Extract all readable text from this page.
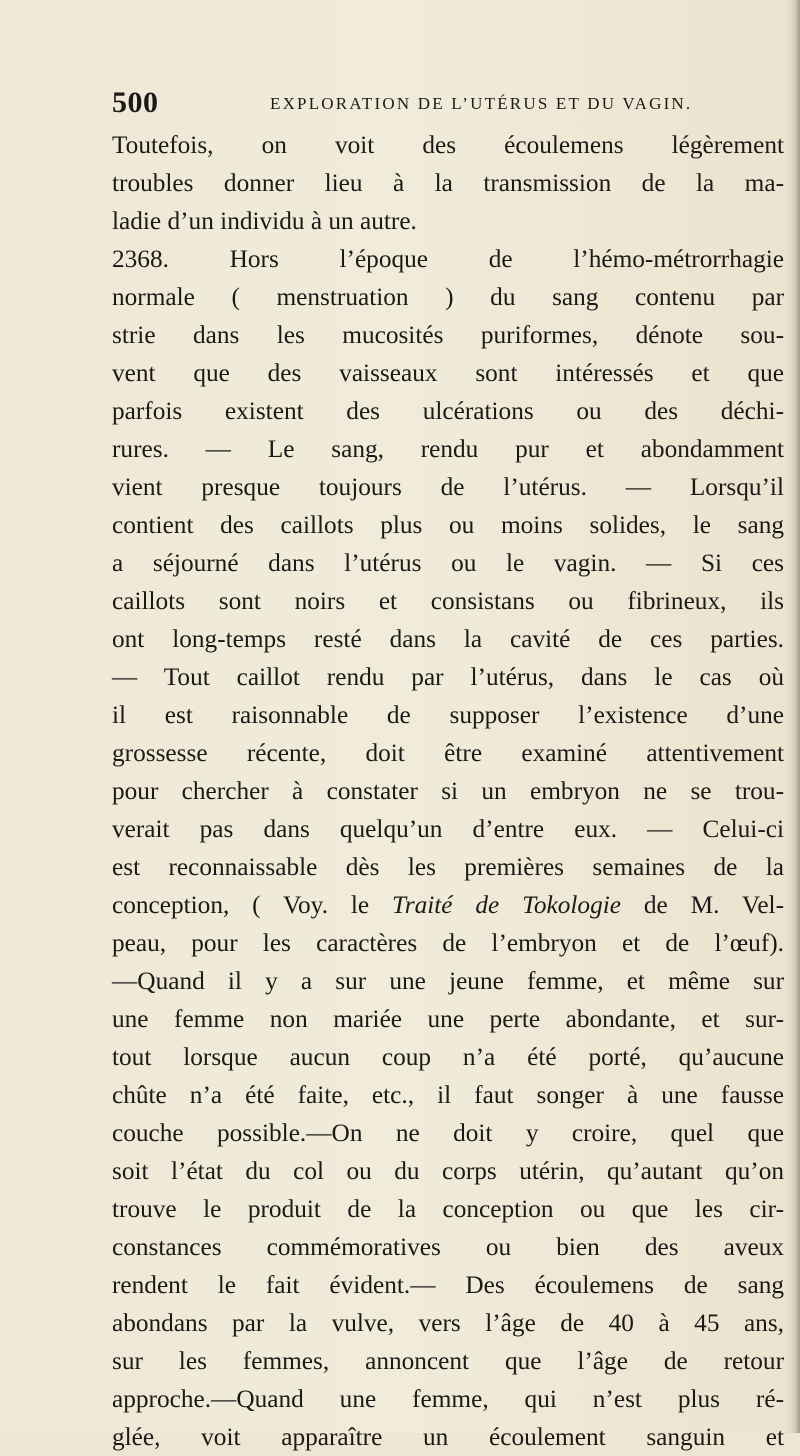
500	EXPLORATION DE L’UTÉRUS ET DU VAGIN.
Toutefois, on voit des écoulemens légèrement
troubles donner lieu à la transmission de la ma-
ladie d’un individu à un autre.
2368. Hors l’époque de l’hémo-métrorrhagie
normale ( menstruation ) du sang contenu par
strie dans les mucosités puriformes, dénote sou-
vent que des vaisseaux sont intéressés et que
parfois existent des ulcérations ou des déchi-
rures. — Le sang, rendu pur et abondamment
vient presque toujours de l’utérus. — Lorsqu’il
contient des caillots plus ou moins solides, le sang
a séjourné dans l’utérus ou le vagin. — Si ces
caillots sont noirs et consistans ou fibrineux, ils
ont long-temps resté dans la cavité de ces parties.
— Tout caillot rendu par l’utérus, dans le cas où
il est raisonnable de supposer l’existence d’une
grossesse récente, doit être examiné attentivement
pour chercher à constater si un embryon ne se trou-
verait pas dans quelqu’un d’entre eux. — Celui-ci
est reconnaissable dès les premières semaines de la
conception, ( Voy. le Traité de Tokologie de M. Vel-
peau, pour les caractères de l’embryon et de l’œuf).
—Quand il y a sur une jeune femme, et même sur
une femme non mariée une perte abondante, et sur-
tout lorsque aucun coup n’a été porté, qu’aucune
chûte n’a été faite, etc., il faut songer à une fausse
couche possible.—On ne doit y croire, quel que
soit l’état du col ou du corps utérin, qu’autant qu’on
trouve le produit de la conception ou que les cir-
constances commémoratives ou bien des aveux
rendent le fait évident.— Des écoulemens de sang
abondans par la vulve, vers l’âge de 40 à 45 ans,
sur les femmes, annoncent que l’âge de retour
approche.—Quand une femme, qui n’est plus ré-
glée, voit apparaître un écoulement sanguin et
